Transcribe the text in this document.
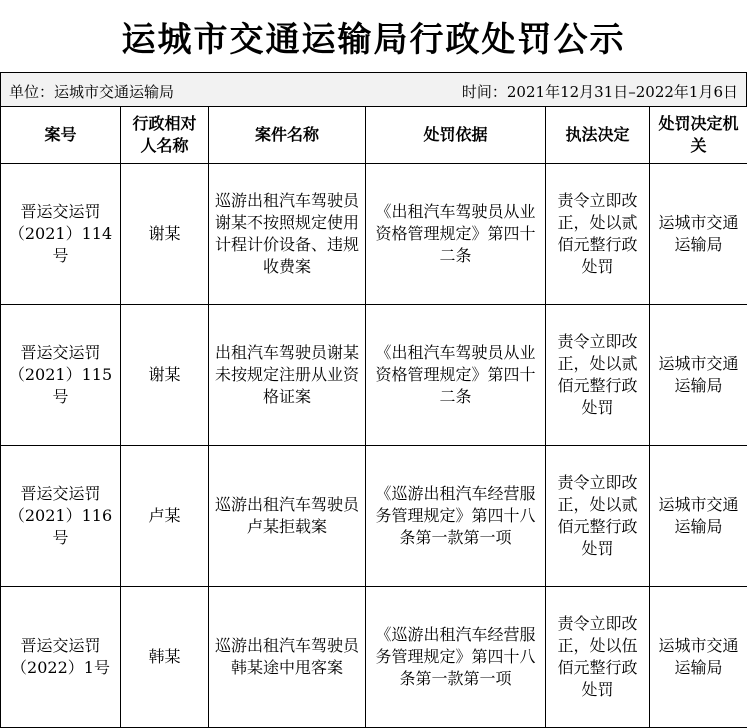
运城市交通运输局行政处罚公示
单位：运城市交通运输局	时间：2021年12月31日–2022年1月6日
案号	行政相对人名称	案件名称	处罚依据	执法决定	处罚决定机关
晋运交运罚（2021）114号	谢某	巡游出租汽车驾驶员谢某不按照规定使用计程计价设备、违规收费案	《出租汽车驾驶员从业资格管理规定》第四十二条	责令立即改正，处以贰佰元整行政处罚	运城市交通运输局
晋运交运罚（2021）115号	谢某	出租汽车驾驶员谢某未按规定注册从业资格证案	《出租汽车驾驶员从业资格管理规定》第四十二条	责令立即改正，处以贰佰元整行政处罚	运城市交通运输局
晋运交运罚（2021）116号	卢某	巡游出租汽车驾驶员卢某拒载案	《巡游出租汽车经营服务管理规定》第四十八条第一款第一项	责令立即改正，处以贰佰元整行政处罚	运城市交通运输局
晋运交运罚（2022）1号	韩某	巡游出租汽车驾驶员韩某途中甩客案	《巡游出租汽车经营服务管理规定》第四十八条第一款第一项	责令立即改正，处以伍佰元整行政处罚	运城市交通运输局
